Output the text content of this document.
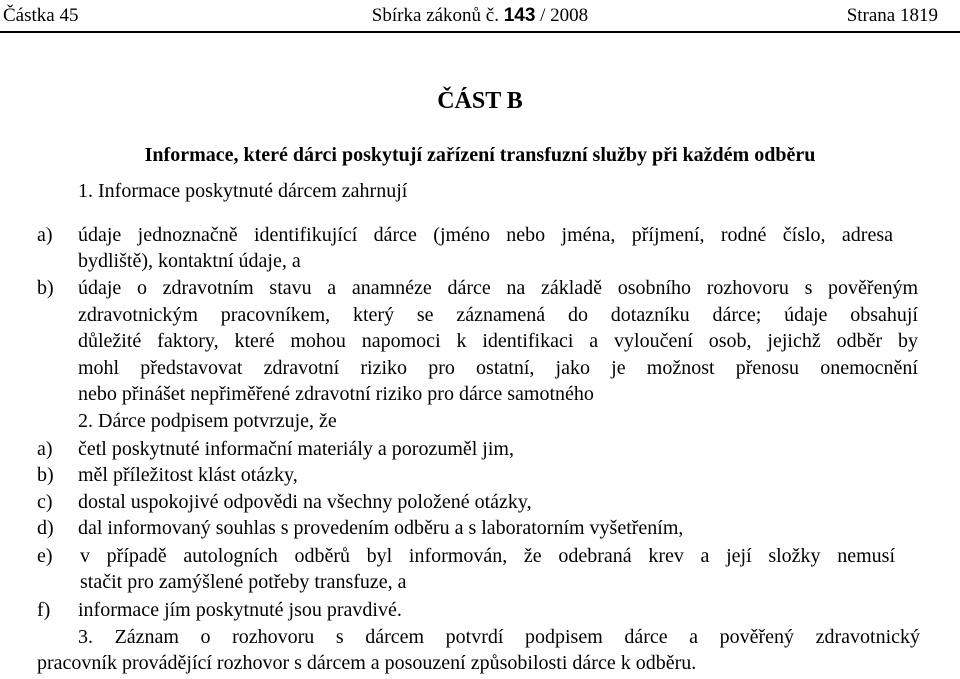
Částka 45	Sbírka zákonů č. 143 / 2008	Strana 1819
ČÁST B
Informace, které dárci poskytují zařízení transfuzní služby při každém odběru
1. Informace poskytnuté dárcem zahrnují
a) údaje jednoznačně identifikující dárce (jméno nebo jména, příjmení, rodné číslo, adresa
bydliště), kontaktní údaje, a
b) údaje o zdravotním stavu a anamnéze dárce na základě osobního rozhovoru s pověřeným
zdravotnickým pracovníkem, který se záznamená do dotazníku dárce; údaje obsahují
důležité faktory, které mohou napomoci k identifikaci a vyloučení osob, jejichž odběr by
mohl představovat zdravotní riziko pro ostatní, jako je možnost přenosu onemocnění
nebo přinášet nepřiměřené zdravotní riziko pro dárce samotného
2. Dárce podpisem potvrzuje, že
a) četl poskytnuté informační materiály a porozuměl jim,
b) měl příležitost klást otázky,
c) dostal uspokojivé odpovědi na všechny položené otázky,
d) dal informovaný souhlas s provedením odběru a s laboratorním vyšetřením,
e) v případě autologních odběrů byl informován, že odebraná krev a její složky nemusí
stačit pro zamýšlené potřeby transfuze, a
f) informace jím poskytnuté jsou pravdivé.
3. Záznam o rozhovoru s dárcem potvrdí podpisem dárce a pověřený zdravotnický
pracovník provádějící rozhovor s dárcem a posouzení způsobilosti dárce k odběru.
